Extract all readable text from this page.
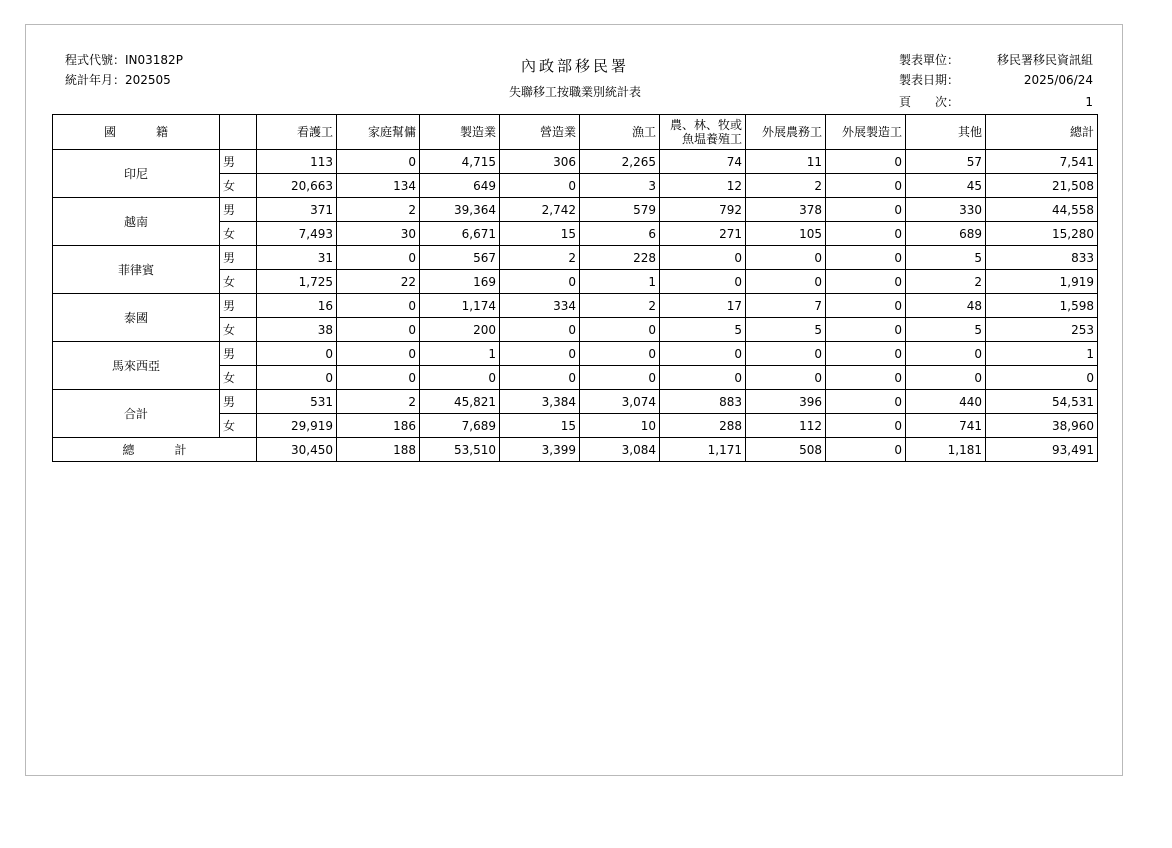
程式代號：IN03182P
統計年月：202505
內政部移民署
失聯移工按職業別統計表
製表單位：	移民署移民資訊組
製表日期：	2025/06/24
頁　　次：	1
國籍		看護工	家庭幫傭	製造業	營造業	漁工	農、林、牧或
魚塭養殖工	外展農務工	外展製造工	其他	總計
印尼	男	113	0	4,715	306	2,265	74	11	0	57	7,541
	女	20,663	134	649	0	3	12	2	0	45	21,508
越南	男	371	2	39,364	2,742	579	792	378	0	330	44,558
	女	7,493	30	6,671	15	6	271	105	0	689	15,280
菲律賓	男	31	0	567	2	228	0	0	0	5	833
	女	1,725	22	169	0	1	0	0	0	2	1,919
泰國	男	16	0	1,174	334	2	17	7	0	48	1,598
	女	38	0	200	0	0	5	5	0	5	253
馬來西亞	男	0	0	1	0	0	0	0	0	0	1
	女	0	0	0	0	0	0	0	0	0	0
合計	男	531	2	45,821	3,384	3,074	883	396	0	440	54,531
	女	29,919	186	7,689	15	10	288	112	0	741	38,960
總計		30,450	188	53,510	3,399	3,084	1,171	508	0	1,181	93,491
